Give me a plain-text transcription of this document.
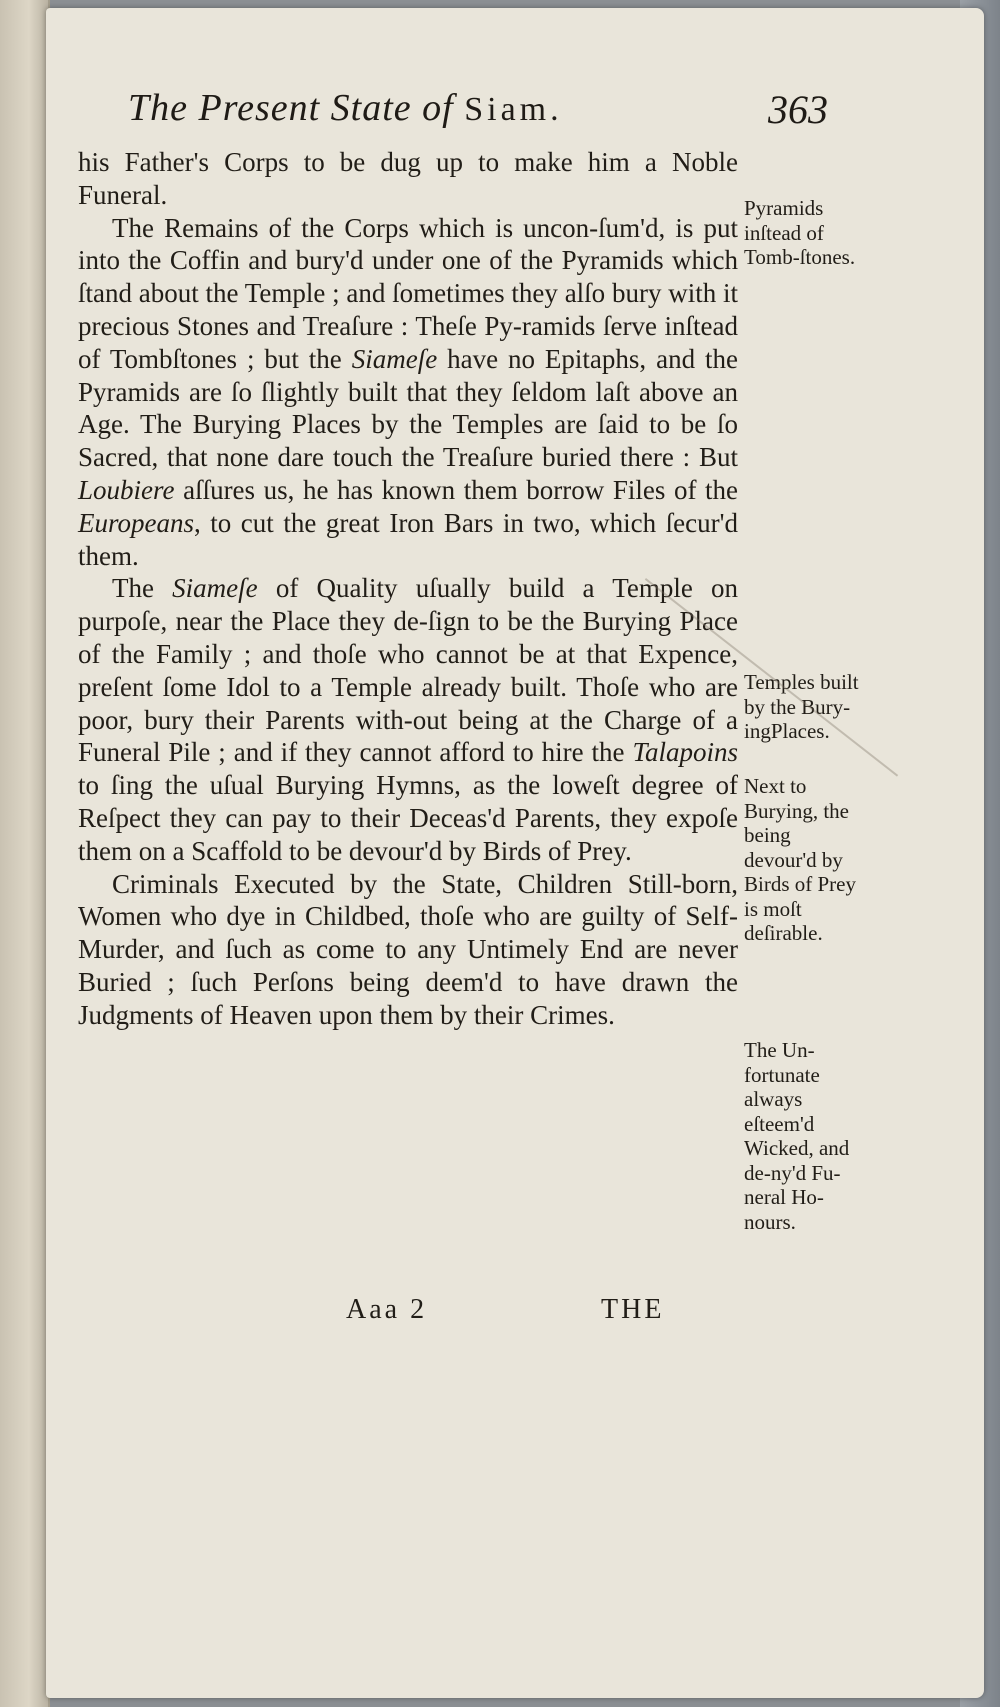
The Present State of Siam.	363

his Father's Corps to be dug up to make him a Noble Funeral.

The Remains of the Corps which is uncon-ſum'd, is put into the Coffin and bury'd under one of the Pyramids which ſtand about the Temple ; and ſometimes they alſo bury with it precious Stones and Treaſure : Theſe Py-ramids ſerve inſtead of Tombſtones ; but the Siameſe have no Epitaphs, and the Pyramids are ſo ſlightly built that they ſeldom laſt above an Age. The Burying Places by the Temples are ſaid to be ſo Sacred, that none dare touch the Treaſure buried there : But Loubiere aſſures us, he has known them borrow Files of the Europeans, to cut the great Iron Bars in two, which ſecur'd them.

The Siameſe of Quality uſually build a Temple on purpoſe, near the Place they de-ſign to be the Burying Place of the Family ; and thoſe who cannot be at that Expence, preſent ſome Idol to a Temple already built. Thoſe who are poor, bury their Parents with-out being at the Charge of a Funeral Pile ; and if they cannot afford to hire the Talapoins to ſing the uſual Burying Hymns, as the loweſt degree of Reſpect they can pay to their Deceas'd Parents, they expoſe them on a Scaffold to be devour'd by Birds of Prey.

Criminals Executed by the State, Children Still-born, Women who dye in Childbed, thoſe who are guilty of Self-Murder, and ſuch as come to any Untimely End are never Buried ; ſuch Perſons being deem'd to have drawn the Judgments of Heaven upon them by their Crimes.

Pyramids inſtead of Tomb-ſtones.
Temples built by the Bury-ingPlaces.
Next to Burying, the being devour'd by Birds of Prey is moſt deſirable.
The Un-fortunate always eſteem'd Wicked, and de-ny'd Fu-neral Ho-nours.
Aaa 2	THE
